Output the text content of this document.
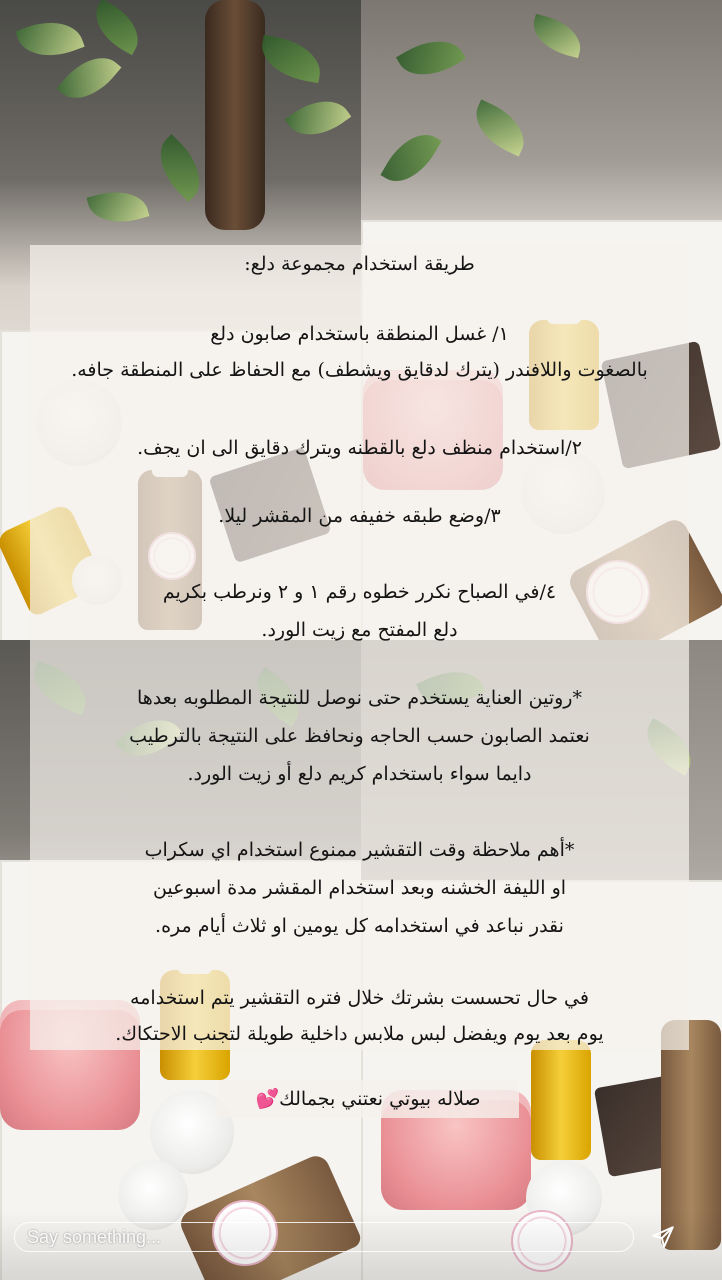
طريقة استخدام مجموعة دلع:
١/ غسل المنطقة باستخدام صابون دلع
بالصغوت واللافندر (يترك لدقايق ويشطف) مع الحفاظ على المنطقة جافه.
٢/استخدام منظف دلع بالقطنه ويترك دقايق الى ان يجف.
٣/وضع طبقه خفيفه من المقشر ليلا.
٤/في الصباح نكرر خطوه رقم ١ و ٢ ونرطب بكريم
دلع المفتح مع زيت الورد.
*روتين العناية يستخدم حتى نوصل للنتيجة المطلوبه بعدها
نعتمد الصابون حسب الحاجه ونحافظ على النتيجة بالترطيب
دايما سواء باستخدام كريم دلع أو زيت الورد.
*أهم ملاحظة وقت التقشير ممنوع استخدام اي سكراب
او الليفة الخشنه وبعد استخدام المقشر مدة اسبوعين
نقدر نباعد في استخدامه كل يومين او ثلاث أيام مره.
في حال تحسست بشرتك خلال فتره التقشير يتم استخدامه
يوم بعد يوم ويفضل لبس ملابس داخلية طويلة لتجنب الاحتكاك.
صلاله بيوتي نعتني بجمالك💕
Say something...
